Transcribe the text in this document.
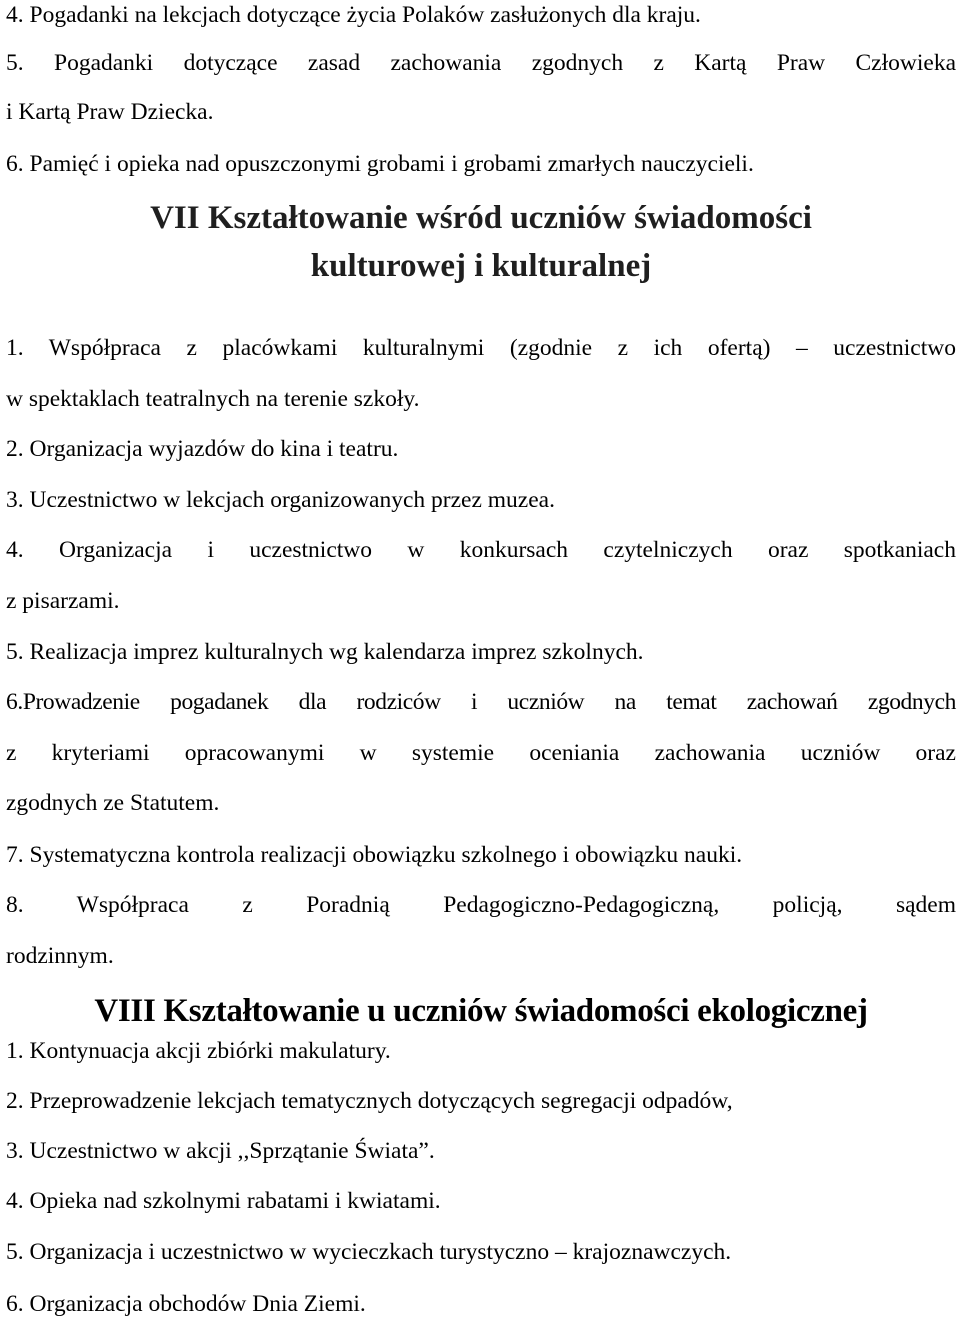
4. Pogadanki na lekcjach dotyczące życia Polaków zasłużonych dla kraju.
5. Pogadanki dotyczące zasad zachowania zgodnych z Kartą Praw Człowieka
i Kartą Praw Dziecka.
6. Pamięć i opieka nad opuszczonymi grobami i grobami zmarłych nauczycieli.
VII Kształtowanie wśród uczniów świadomości
kulturowej i kulturalnej
1. Współpraca z placówkami kulturalnymi (zgodnie z ich ofertą) – uczestnictwo
w spektaklach teatralnych na terenie szkoły.
2. Organizacja wyjazdów do kina i teatru.
3. Uczestnictwo w lekcjach organizowanych przez muzea.
4. Organizacja i uczestnictwo w konkursach czytelniczych oraz spotkaniach
z pisarzami.
5. Realizacja imprez kulturalnych wg kalendarza imprez szkolnych.
6.Prowadzenie pogadanek dla rodziców i uczniów na temat zachowań zgodnych
z kryteriami opracowanymi w systemie oceniania zachowania uczniów oraz
zgodnych ze Statutem.
7. Systematyczna kontrola realizacji obowiązku szkolnego i obowiązku nauki.
8. Współpraca z Poradnią Pedagogiczno-Pedagogiczną, policją, sądem
rodzinnym.
VIII Kształtowanie u uczniów świadomości ekologicznej
1. Kontynuacja akcji zbiórki makulatury.
2. Przeprowadzenie lekcjach tematycznych dotyczących segregacji odpadów,
3. Uczestnictwo w akcji ,,Sprzątanie Świata”.
4. Opieka nad szkolnymi rabatami i kwiatami.
5. Organizacja i uczestnictwo w wycieczkach turystyczno – krajoznawczych.
6. Organizacja obchodów Dnia Ziemi.
